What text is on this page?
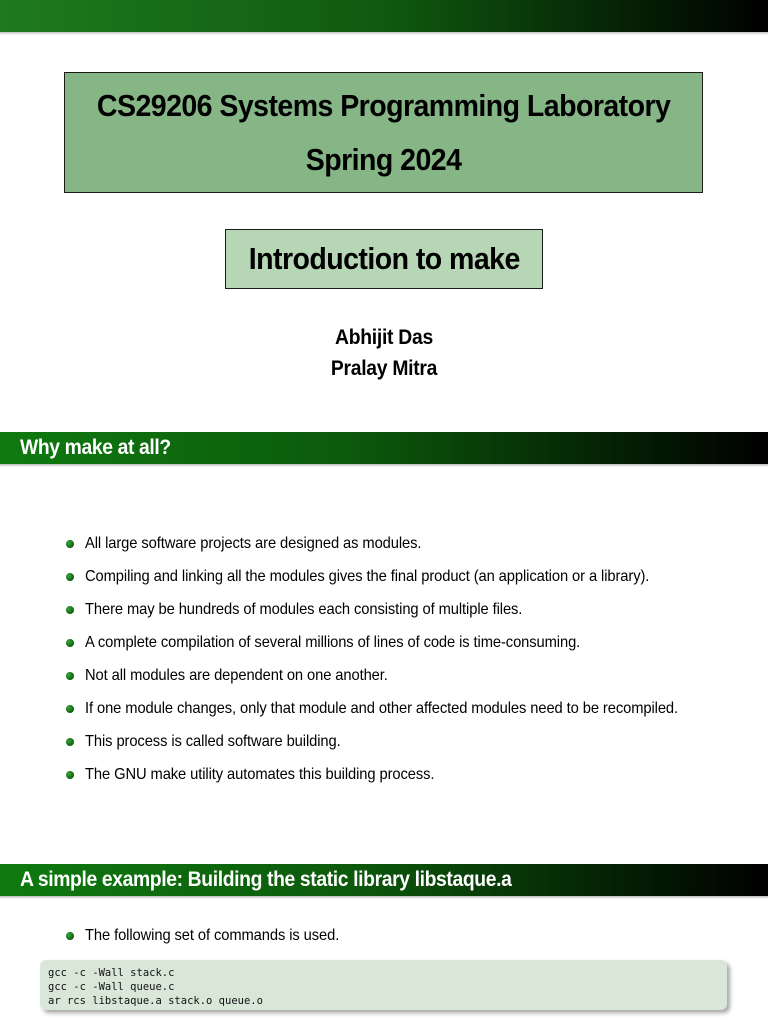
CS29206 Systems Programming Laboratory
Spring 2024
Introduction to make
Abhijit Das
Pralay Mitra
Why make at all?
All large software projects are designed as modules.
Compiling and linking all the modules gives the final product (an application or a library).
There may be hundreds of modules each consisting of multiple files.
A complete compilation of several millions of lines of code is time-consuming.
Not all modules are dependent on one another.
If one module changes, only that module and other affected modules need to be recompiled.
This process is called software building.
The GNU make utility automates this building process.
A simple example: Building the static library libstaque.a
The following set of commands is used.
gcc -c -Wall stack.c
gcc -c -Wall queue.c
ar rcs libstaque.a stack.o queue.o
